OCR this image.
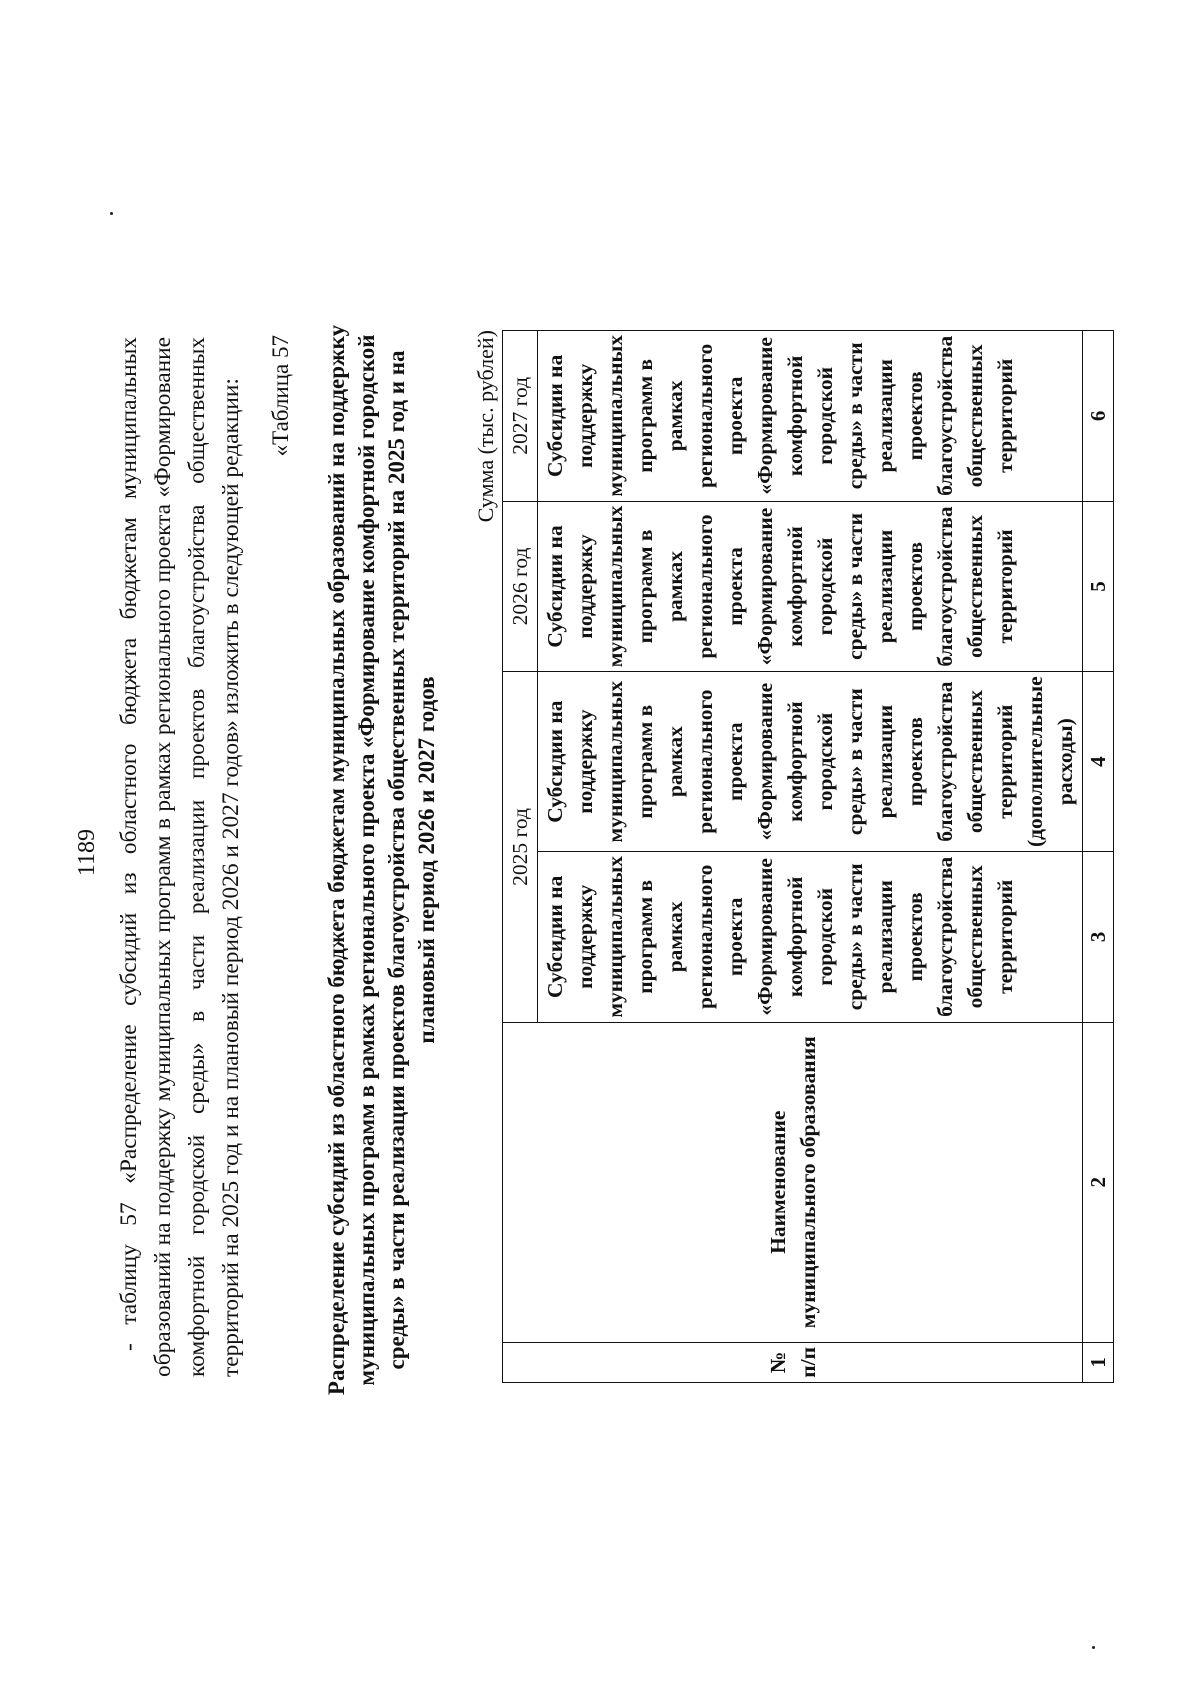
1189 - таблицу 57 «Распределение субсидий из областного бюджета бюджетам муниципальных образований на поддержку муниципальных программ в рамках регионального проекта «Формирование комфортной городской среды» в части реализации проектов благоустройства общественных территорий на 2025 год и на плановый период 2026 и 2027 годов» изложить в следующей редакции: «Таблица 57 Распределение субсидий из областного бюджета бюджетам муниципальных образований на поддержку муниципальных программ в рамках регионального проекта «Формирование комфортной городской среды» в части реализации проектов благоустройства общественных территорий на 2025 год и на плановый период 2026 и 2027 годов
Сумма (тыс. рублей)
№ п/п	Наименование муниципального образования	2025 год		2026 год	2027 год
		Субсидии на поддержку муниципальных программ в рамках регионального проекта «Формирование комфортной городской среды» в части реализации проектов благоустройства общественных территорий	Субсидии на поддержку муниципальных программ в рамках регионального проекта «Формирование комфортной городской среды» в части реализации проектов благоустройства общественных территорий (дополнительные расходы)	Субсидии на поддержку муниципальных программ в рамках регионального проекта «Формирование комфортной городской среды» в части реализации проектов благоустройства общественных территорий	Субсидии на поддержку муниципальных программ в рамках регионального проекта «Формирование комфортной городской среды» в части реализации проектов благоустройства общественных территорий
1	2	3	4	5	6
